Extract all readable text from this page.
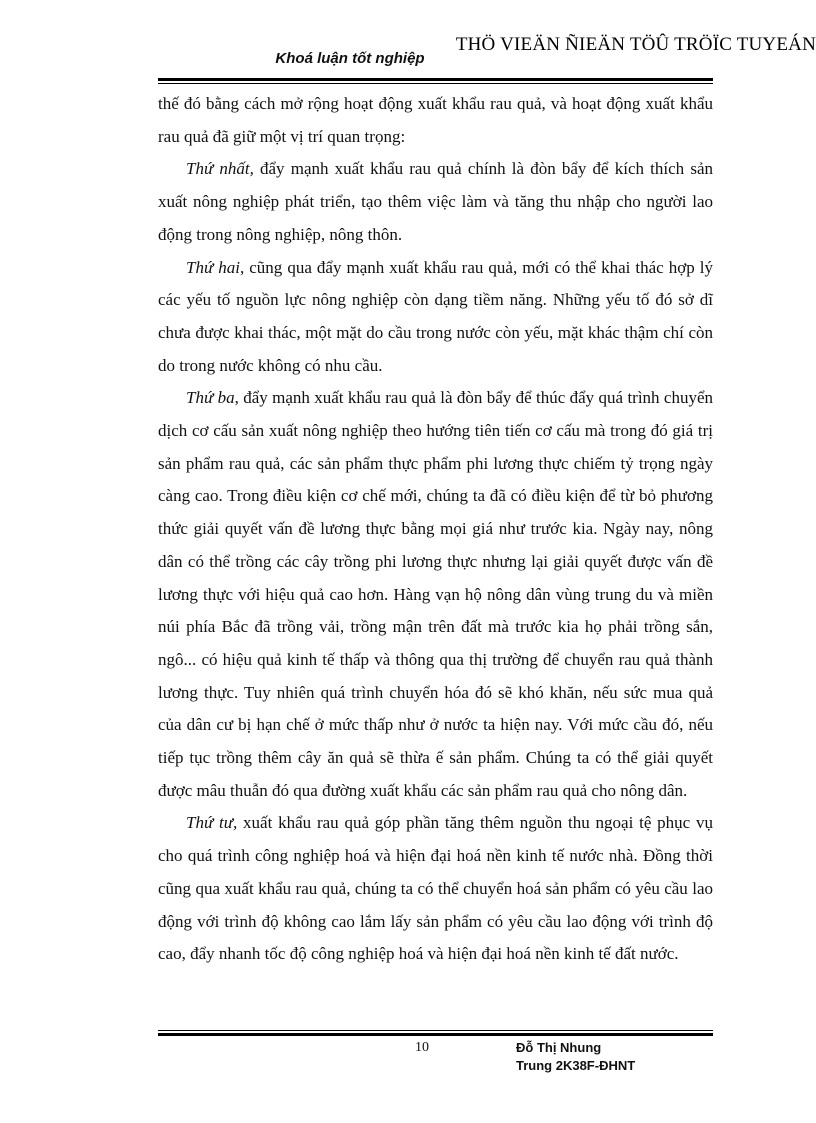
THÖ VIEÄN ÑIEÄN TÖÛ TRÖÏC TUYEÁN
Khoá luận tốt nghiệp

thế đó bằng cách mở rộng hoạt động xuất khẩu rau quả, và hoạt động xuất khẩu rau quả đã giữ một vị trí quan trọng:

Thứ nhất, đẩy mạnh xuất khẩu rau quả chính là đòn bẩy để kích thích sản xuất nông nghiệp phát triển, tạo thêm việc làm và tăng thu nhập cho người lao động trong nông nghiệp, nông thôn.

Thứ hai, cũng qua đẩy mạnh xuất khẩu rau quả, mới có thể khai thác hợp lý các yếu tố nguồn lực nông nghiệp còn dạng tiềm năng. Những yếu tố đó sở dĩ chưa được khai thác, một mặt do cầu trong nước còn yếu, mặt khác thậm chí còn do trong nước không có nhu cầu.

Thứ ba, đẩy mạnh xuất khẩu rau quả là đòn bẩy để thúc đẩy quá trình chuyển dịch cơ cấu sản xuất nông nghiệp theo hướng tiên tiến cơ cấu mà trong đó giá trị sản phẩm rau quả, các sản phẩm thực phẩm phi lương thực chiếm tỷ trọng ngày càng cao. Trong điều kiện cơ chế mới, chúng ta đã có điều kiện để từ bỏ phương thức giải quyết vấn đề lương thực bằng mọi giá như trước kia. Ngày nay, nông dân có thể trồng các cây trồng phi lương thực nhưng lại giải quyết được vấn đề lương thực với hiệu quả cao hơn. Hàng vạn hộ nông dân vùng trung du và miền núi phía Bắc đã trồng vải, trồng mận trên đất mà trước kia họ phải trồng sắn, ngô... có hiệu quả kinh tế thấp và thông qua thị trường để chuyển rau quả thành lương thực. Tuy nhiên quá trình chuyển hóa đó sẽ khó khăn, nếu sức mua quả của dân cư bị hạn chế ở mức thấp như ở nước ta hiện nay. Với mức cầu đó, nếu tiếp tục trồng thêm cây ăn quả sẽ thừa ế sản phẩm. Chúng ta có thể giải quyết được mâu thuẫn đó qua đường xuất khẩu các sản phẩm rau quả cho nông dân.

Thứ tư, xuất khẩu rau quả góp phần tăng thêm nguồn thu ngoại tệ phục vụ cho quá trình công nghiệp hoá và hiện đại hoá nền kinh tế nước nhà. Đồng thời cũng qua xuất khẩu rau quả, chúng ta có thể chuyển hoá sản phẩm có yêu cầu lao động với trình độ không cao lắm lấy sản phẩm có yêu cầu lao động với trình độ cao, đẩy nhanh tốc độ công nghiệp hoá và hiện đại hoá nền kinh tế đất nước.

10	Đỗ Thị Nhung
Trung 2K38F-ĐHNT
